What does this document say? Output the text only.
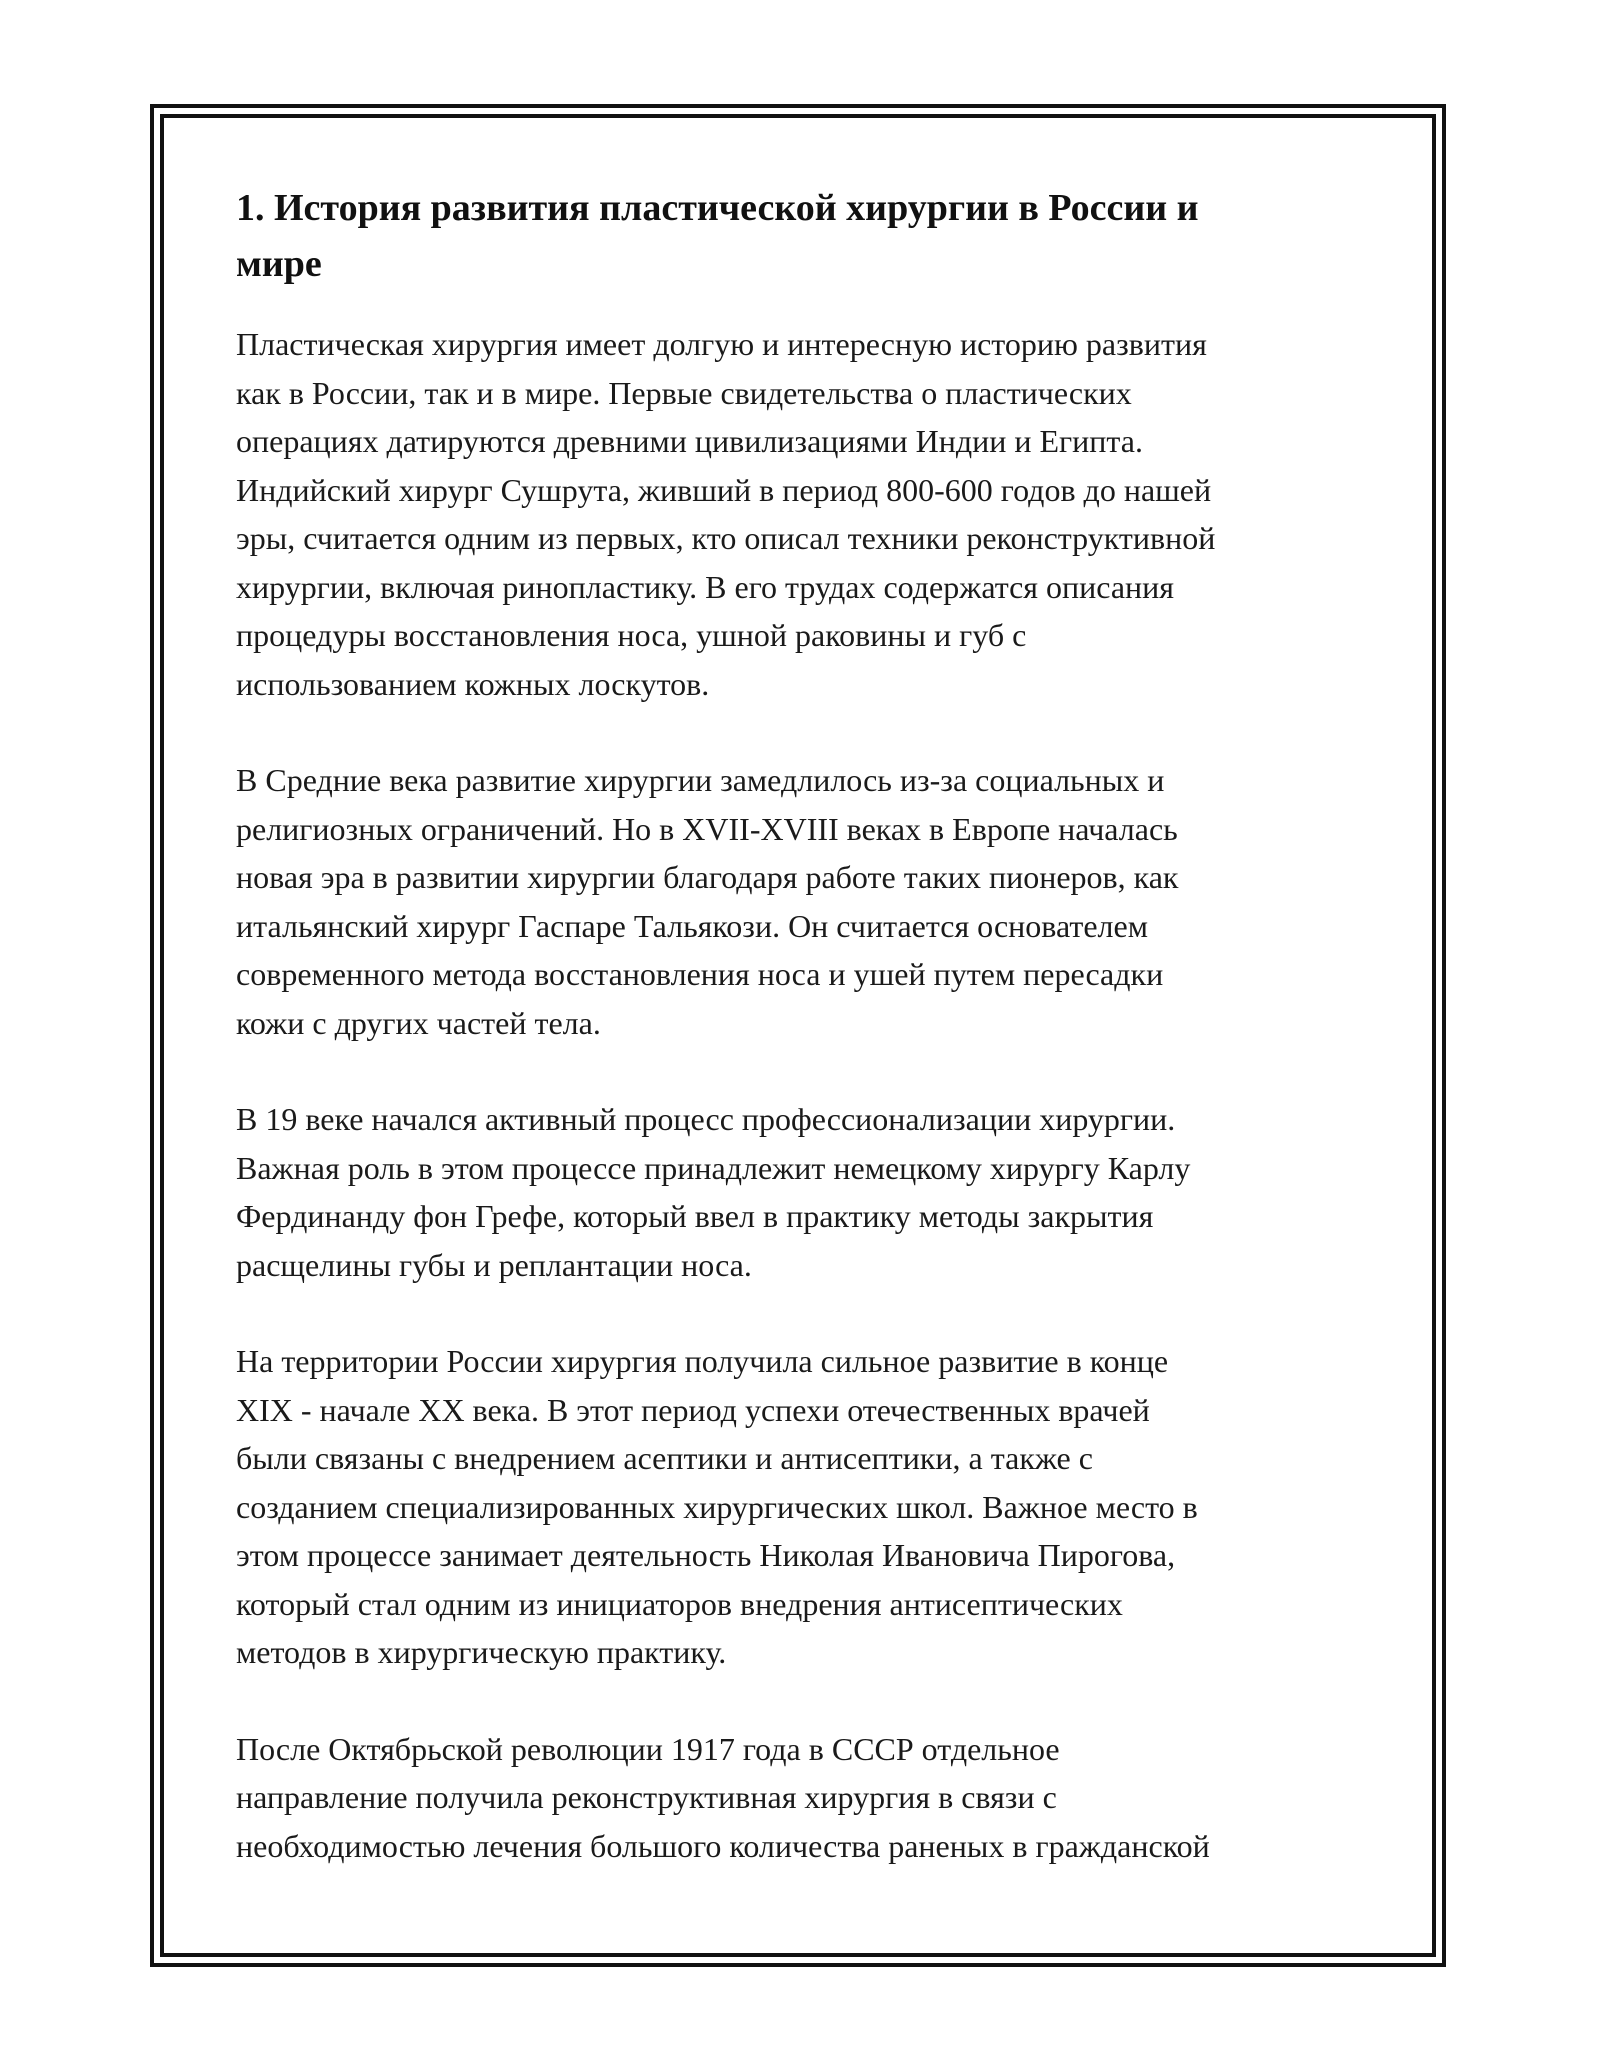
1. История развития пластической хирургии в России и
мире

Пластическая хирургия имеет долгую и интересную историю развития
как в России, так и в мире. Первые свидетельства о пластических
операциях датируются древними цивилизациями Индии и Египта.
Индийский хирург Сушрута, живший в период 800-600 годов до нашей
эры, считается одним из первых, кто описал техники реконструктивной
хирургии, включая ринопластику. В его трудах содержатся описания
процедуры восстановления носа, ушной раковины и губ с
использованием кожных лоскутов.

В Средние века развитие хирургии замедлилось из-за социальных и
религиозных ограничений. Но в XVII-XVIII веках в Европе началась
новая эра в развитии хирургии благодаря работе таких пионеров, как
итальянский хирург Гаспаре Тальякози. Он считается основателем
современного метода восстановления носа и ушей путем пересадки
кожи с других частей тела.

В 19 веке начался активный процесс профессионализации хирургии.
Важная роль в этом процессе принадлежит немецкому хирургу Карлу
Фердинанду фон Грефе, который ввел в практику методы закрытия
расщелины губы и реплантации носа.

На территории России хирургия получила сильное развитие в конце
XIX - начале XX века. В этот период успехи отечественных врачей
были связаны с внедрением асептики и антисептики, а также с
созданием специализированных хирургических школ. Важное место в
этом процессе занимает деятельность Николая Ивановича Пирогова,
который стал одним из инициаторов внедрения антисептических
методов в хирургическую практику.

После Октябрьской революции 1917 года в СССР отдельное
направление получила реконструктивная хирургия в связи с
необходимостью лечения большого количества раненых в гражданской
